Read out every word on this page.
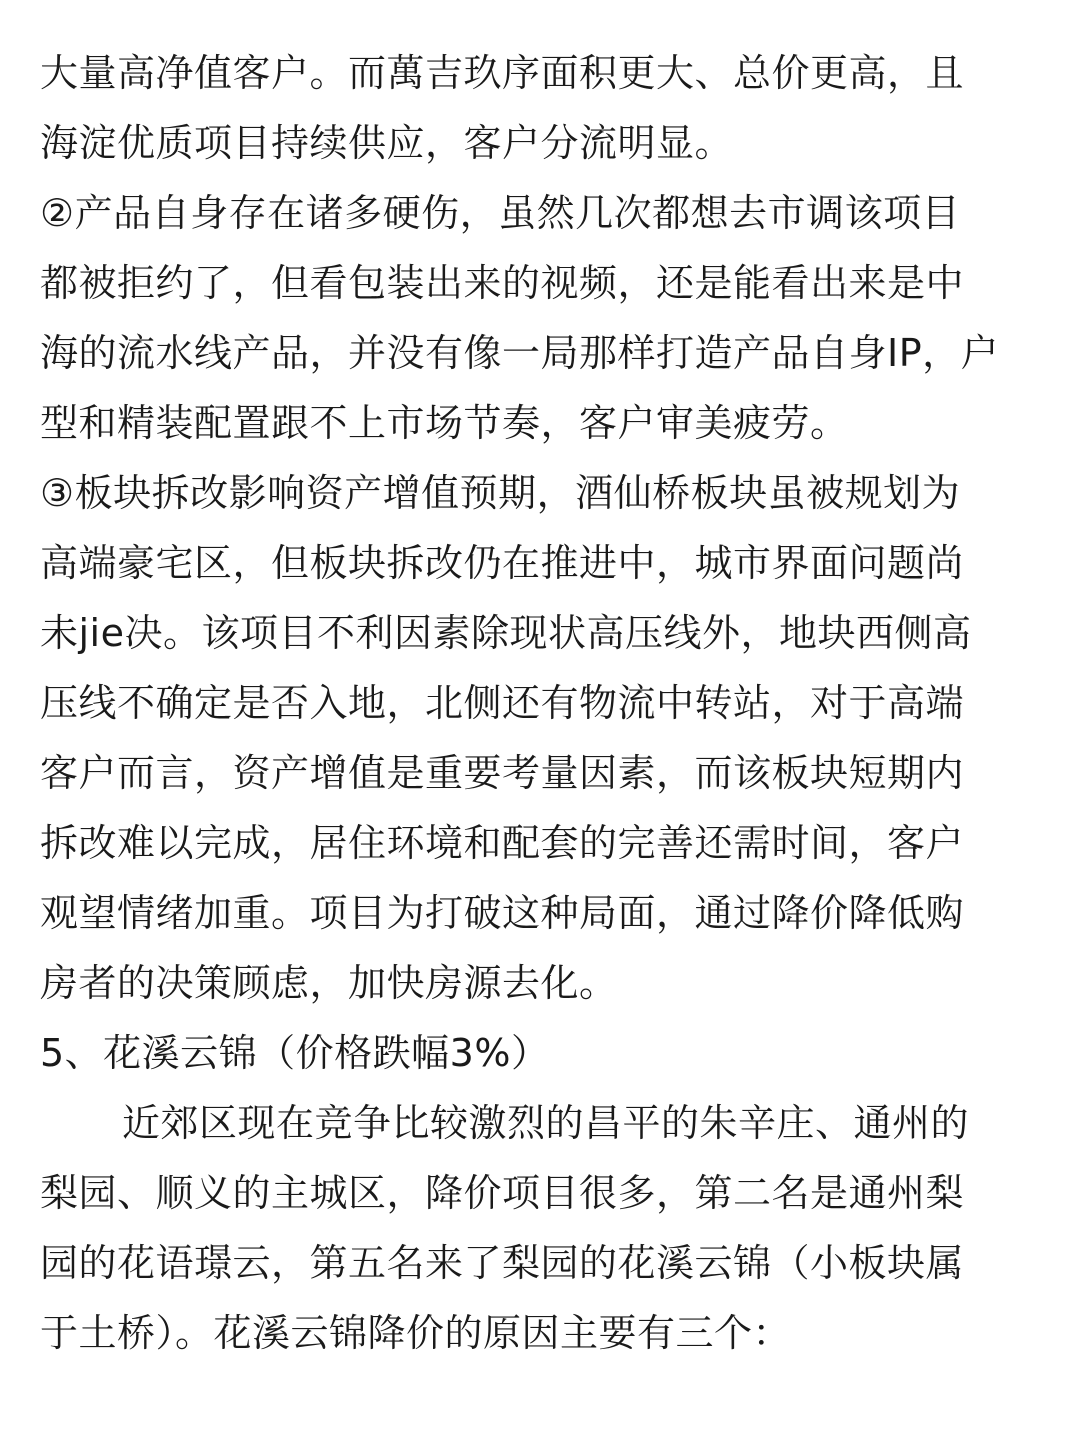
大量高净值客户。而萬吉玖序面积更大、总价更高，且
海淀优质项目持续供应，客户分流明显。
②产品自身存在诸多硬伤，虽然几次都想去市调该项目
都被拒约了，但看包装出来的视频，还是能看出来是中
海的流水线产品，并没有像一局那样打造产品自身IP，户
型和精装配置跟不上市场节奏，客户审美疲劳。
③板块拆改影响资产增值预期，酒仙桥板块虽被规划为
高端豪宅区，但板块拆改仍在推进中，城市界面问题尚
未jie决。该项目不利因素除现状高压线外，地块西侧高
压线不确定是否入地，北侧还有物流中转站，对于高端
客户而言，资产增值是重要考量因素，而该板块短期内
拆改难以完成，居住环境和配套的完善还需时间，客户
观望情绪加重。项目为打破这种局面，通过降价降低购
房者的决策顾虑，加快房源去化。
5、花溪云锦（价格跌幅3%）
近郊区现在竞争比较激烈的昌平的朱辛庄、通州的
梨园、顺义的主城区，降价项目很多，第二名是通州梨
园的花语璟云，第五名来了梨园的花溪云锦（小板块属
于土桥）。花溪云锦降价的原因主要有三个：
